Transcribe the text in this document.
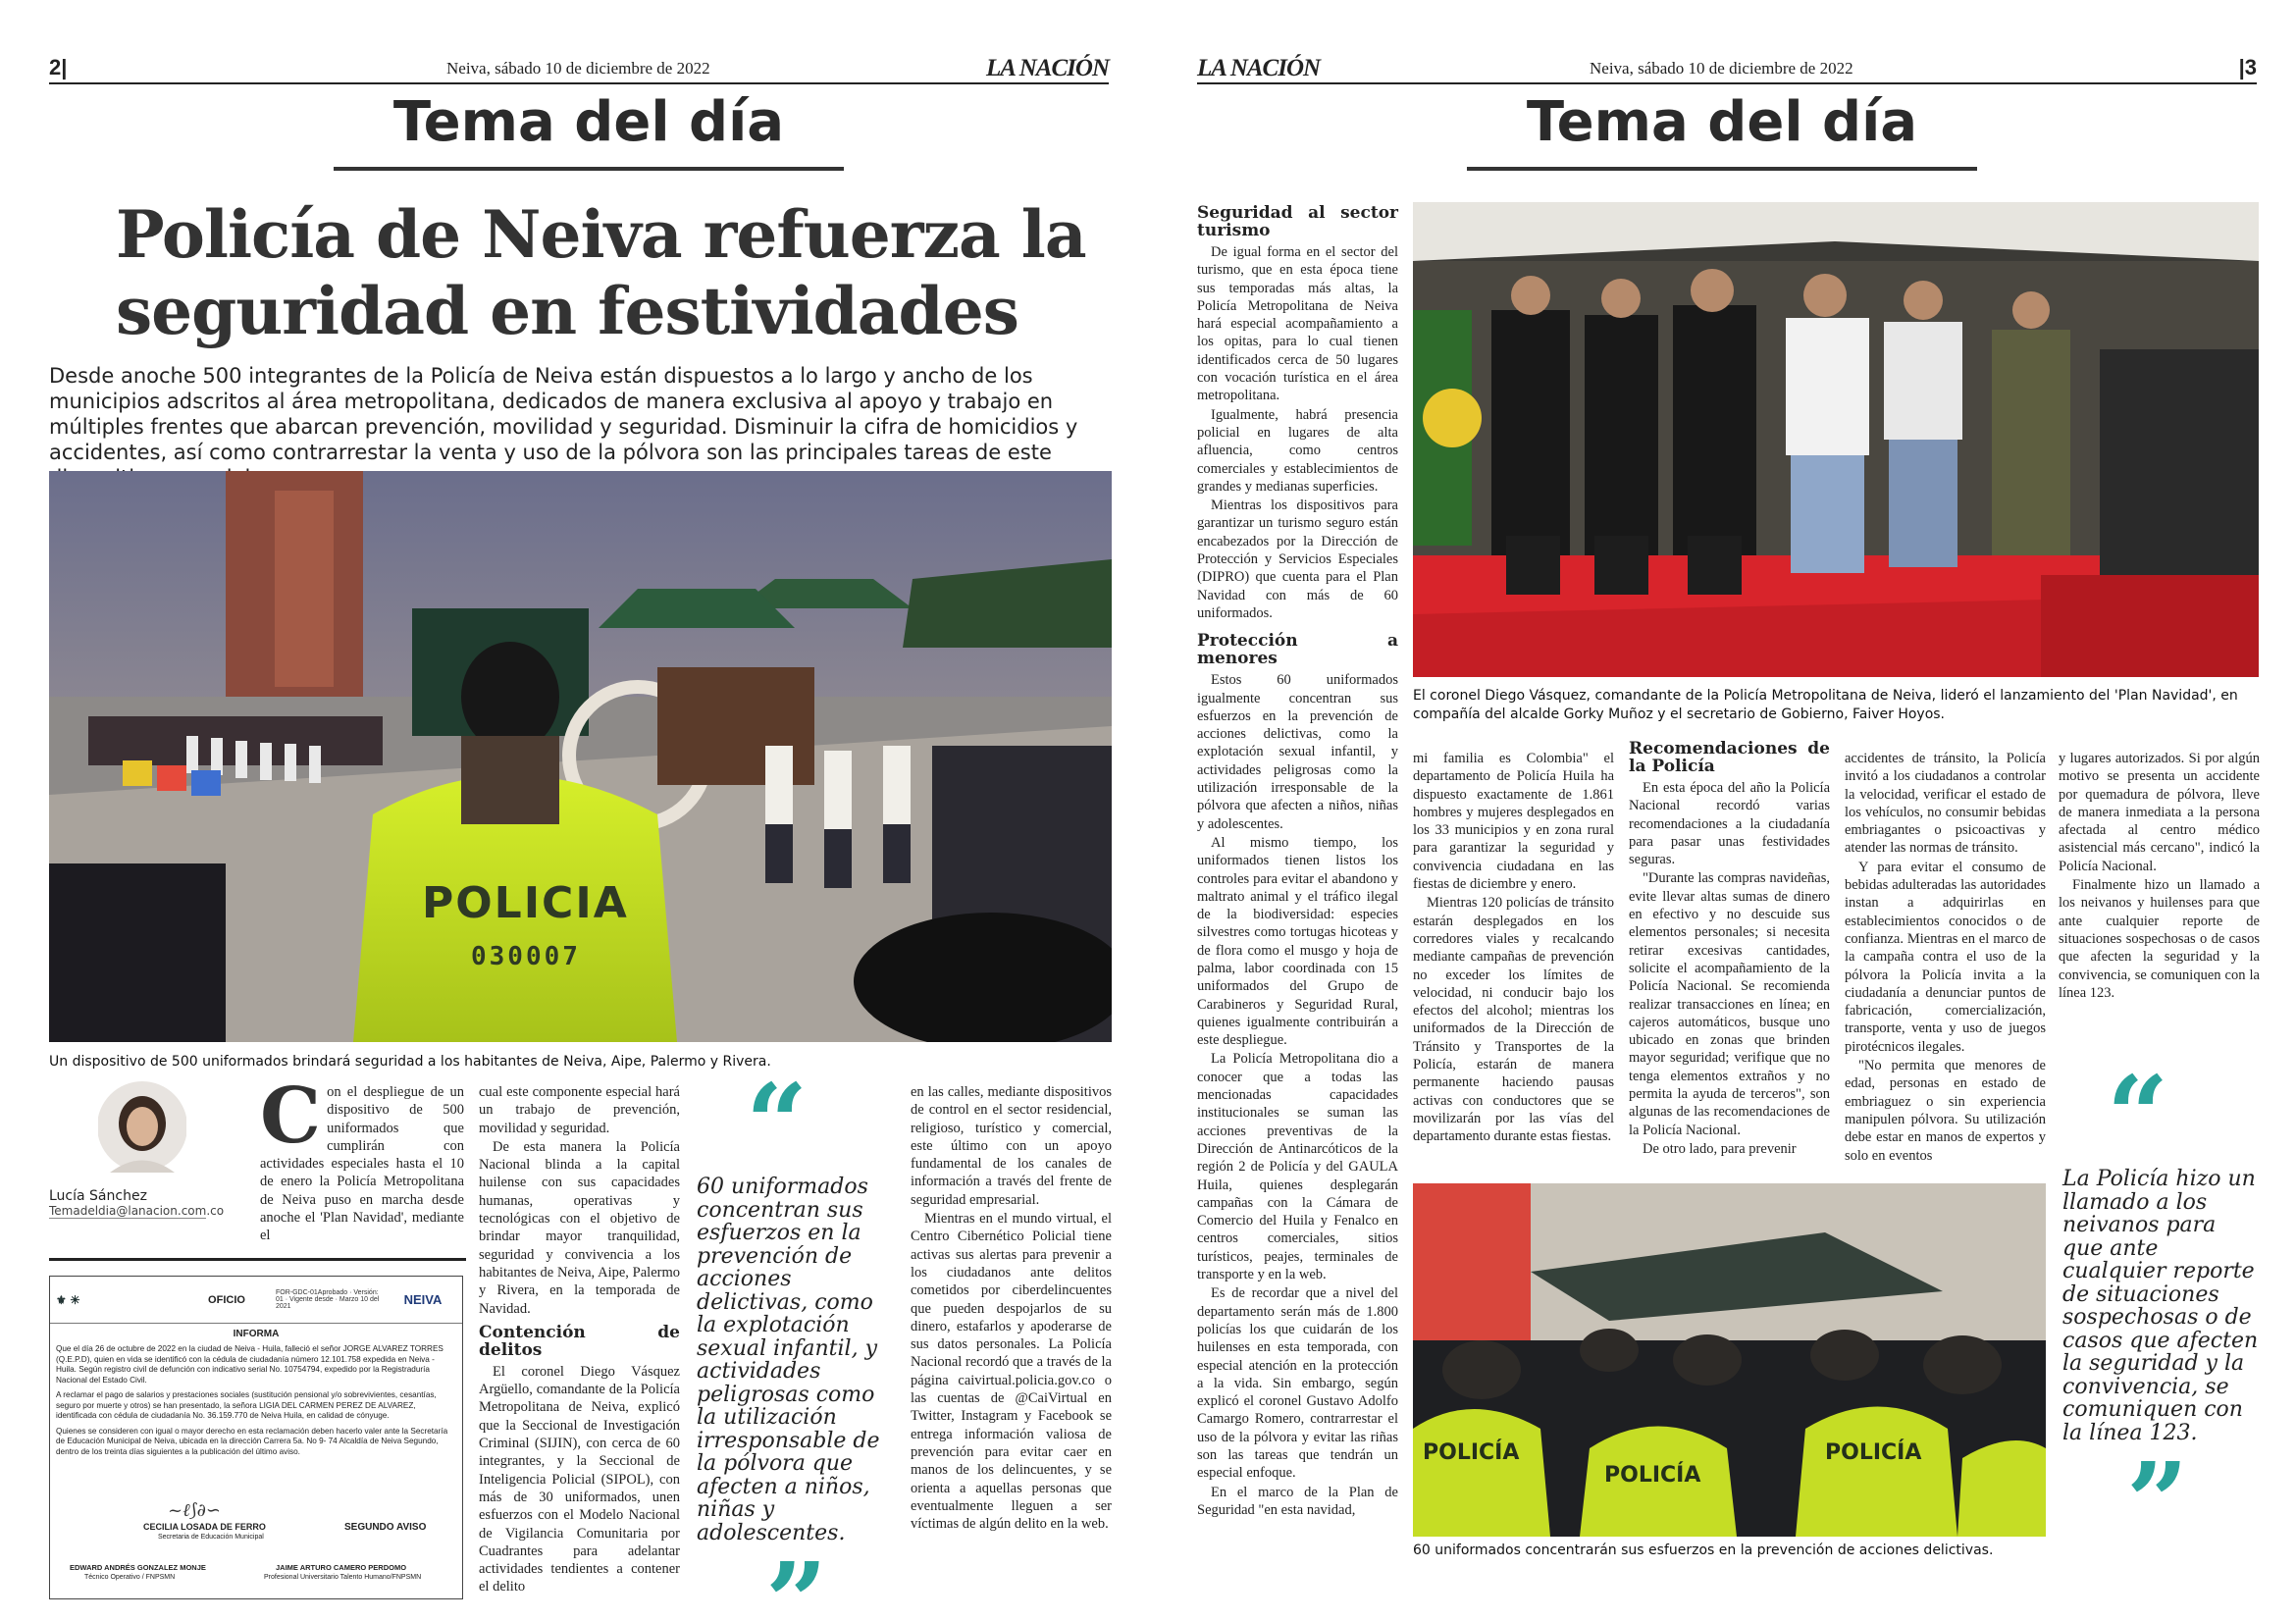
2|	Neiva, sábado 10 de diciembre de 2022	LA NACIÓN
Tema del día
Policía de Neiva refuerza la seguridad en festividades
Desde anoche 500 integrantes de la Policía de Neiva están dispuestos a lo largo y ancho de los municipios adscritos al área metropolitana, dedicados de manera exclusiva al apoyo y trabajo en múltiples frentes que abarcan prevención, movilidad y seguridad. Disminuir la cifra de homicidios y accidentes, así como contrarrestar la venta y uso de la pólvora son las principales tareas de este
POLICIA
030007
Un dispositivo de 500 uniformados brindará seguridad a los habitantes de Neiva, Aipe, Palermo y Rivera.
Lucía Sánchez
Temadeldia@lanacion.com.co
C on el despliegue de un dispositivo de 500 uniformados que cumplirán con actividades especiales hasta el 10 de enero la Policía Metropolitana de Neiva puso en marcha desde anoche el 'Plan Navidad', mediante el
⚜ ☀	OFICIO
FOR-GDC-01Aprobado · Versión: 01 · Vigente desde · Marzo 10 del 2021	NEIVA
INFORMA

Que el día 26 de octubre de 2022 en la ciudad de Neiva - Huila, falleció el señor JORGE ALVAREZ TORRES (Q.E.P.D), quien en vida se identificó con la cédula de ciudadanía número 12.101.758 expedida en Neiva - Huila. Según registro civil de defunción con indicativo serial No. 10754794, expedido por la Registraduría Nacional del Estado Civil.

A reclamar el pago de salarios y prestaciones sociales (sustitución pensional y/o sobrevivientes, cesantías, seguro por muerte y otros) se han presentado, la señora LIGIA DEL CARMEN PEREZ DE ALVAREZ, identificada con cédula de ciudadanía No. 36.159.770 de Neiva Huila, en calidad de cónyuge.

Quienes se consideren con igual o mayor derecho en esta reclamación deben hacerlo valer ante la Secretaría de Educación Municipal de Neiva, ubicada en la dirección Carrera 5a. No 9- 74 Alcaldía de Neiva Segundo, dentro de los treinta días siguientes a la publicación del último aviso.

~ℓ⟆∂∽
CECILIA LOSADA DE FERRO
Secretaria de Educación Municipal
SEGUNDO AVISO
EDWARD ANDRÉS GONZALEZ MONJE
Técnico Operativo / FNPSMN
JAIME ARTURO CAMERO PERDOMO
Profesional Universitario Talento Humano/FNPSMN

cual este componente especial hará un trabajo de prevención, movilidad y seguridad.

De esta manera la Policía Nacional blinda a la capital huilense con sus capacidades humanas, operativas y tecnológicas con el objetivo de brindar mayor tranquilidad, seguridad y convivencia a los habitantes de Neiva, Aipe, Palermo y Rivera, en la temporada de Navidad.

Contención de delitos

El coronel Diego Vásquez Argüello, comandante de la Policía Metropolitana de Neiva, explicó que la Seccional de Investigación Criminal (SIJIN), con cerca de 60 integrantes, y la Seccional de Inteligencia Policial (SIPOL), con más de 30 uniformados, unen esfuerzos con el Modelo Nacional de Vigilancia Comunitaria por Cuadrantes para adelantar actividades tendientes a contener el delito

“
60 uniformados concentran sus esfuerzos en la prevención de acciones delictivas, como la explotación sexual infantil, y actividades peligrosas como la utilización irresponsable de la pólvora que afecten a niños, niñas y adolescentes.
”

en las calles, mediante dispositivos de control en el sector residencial, religioso, turístico y comercial, este último con un apoyo fundamental de los canales de información a través del frente de seguridad empresarial.

Mientras en el mundo virtual, el Centro Cibernético Policial tiene activas sus alertas para prevenir a los ciudadanos ante delitos cometidos por ciberdelincuentes que pueden despojarlos de su dinero, estafarlos y apoderarse de sus datos personales. La Policía Nacional recordó que a través de la página caivirtual.policia.gov.co o las cuentas de @CaiVirtual en Twitter, Instagram y Facebook se entrega información valiosa de prevención para evitar caer en manos de los delincuentes, y se orienta a aquellas personas que eventualmente lleguen a ser víctimas de algún delito en la web.

LA NACIÓN	Neiva, sábado 10 de diciembre de 2022	|3
Tema del día
Seguridad al sector turismo

De igual forma en el sector del turismo, que en esta época tiene sus temporadas más altas, la Policía Metropolitana de Neiva hará especial acompañamiento a los opitas, para lo cual tienen identificados cerca de 50 lugares con vocación turística en el área metropolitana.

Igualmente, habrá presencia policial en lugares de alta afluencia, como centros comerciales y establecimientos de grandes y medianas superficies.

Mientras los dispositivos para garantizar un turismo seguro están encabezados por la Dirección de Protección y Servicios Especiales (DIPRO) que cuenta para el Plan Navidad con más de 60 uniformados.

Protección a menores

Estos 60 uniformados igualmente concentran sus esfuerzos en la prevención de acciones delictivas, como la explotación sexual infantil, y actividades peligrosas como la utilización irresponsable de la pólvora que afecten a niños, niñas y adolescentes.

Al mismo tiempo, los uniformados tienen listos los controles para evitar el abandono y maltrato animal y el tráfico ilegal de la biodiversidad: especies silvestres como tortugas hicoteas y de flora como el musgo y hoja de palma, labor coordinada con 15 uniformados del Grupo de Carabineros y Seguridad Rural, quienes igualmente contribuirán a este despliegue.

La Policía Metropolitana dio a conocer que a todas las mencionadas capacidades institucionales se suman las acciones preventivas de la Dirección de Antinarcóticos de la región 2 de Policía y del GAULA Huila, quienes desplegarán campañas con la Cámara de Comercio del Huila y Fenalco en centros comerciales, sitios turísticos, peajes, terminales de transporte y en la web.

Es de recordar que a nivel del departamento serán más de 1.800 policías los que cuidarán de los huilenses en esta temporada, con especial atención en la protección a la vida. Sin embargo, según explicó el coronel Gustavo Adolfo Camargo Romero, contrarrestar el uso de la pólvora y evitar las riñas son las tareas que tendrán un especial enfoque.

En el marco de la Plan de Seguridad "en esta navidad,

El coronel Diego Vásquez, comandante de la Policía Metropolitana de Neiva, lideró el lanzamiento del 'Plan Navidad', en compañía del alcalde Gorky Muñoz y el secretario de Gobierno, Faiver Hoyos.

mi familia es Colombia" el departamento de Policía Huila ha dispuesto exactamente de 1.861 hombres y mujeres desplegados en los 33 municipios y en zona rural para garantizar la seguridad y convivencia ciudadana en las fiestas de diciembre y enero.

Mientras 120 policías de tránsito estarán desplegados en los corredores viales y recalcando mediante campañas de prevención no exceder los límites de velocidad, ni conducir bajo los efectos del alcohol; mientras los uniformados de la Dirección de Tránsito y Transportes de la Policía, estarán de manera permanente haciendo pausas activas con conductores que se movilizarán por las vías del departamento durante estas fiestas.

Recomendaciones de la Policía

En esta época del año la Policía Nacional recordó varias recomendaciones a la ciudadanía para pasar unas festividades seguras.

"Durante las compras navideñas, evite llevar altas sumas de dinero en efectivo y no descuide sus elementos personales; si necesita retirar excesivas cantidades, solicite el acompañamiento de la Policía Nacional. Se recomienda realizar transacciones en línea; en cajeros automáticos, busque uno ubicado en zonas que brinden mayor seguridad; verifique que no tenga elementos extraños y no permita la ayuda de terceros", son algunas de las recomendaciones de la Policía Nacional.

De otro lado, para prevenir

accidentes de tránsito, la Policía invitó a los ciudadanos a controlar la velocidad, verificar el estado de los vehículos, no consumir bebidas embriagantes o psicoactivas y atender las normas de tránsito.

Y para evitar el consumo de bebidas adulteradas las autoridades instan a adquirirlas en establecimientos conocidos o de confianza. Mientras en el marco de la campaña contra el uso de la pólvora la Policía invita a la ciudadanía a denunciar puntos de fabricación, comercialización, transporte, venta y uso de juegos pirotécnicos ilegales.

"No permita que menores de edad, personas en estado de embriaguez o sin experiencia manipulen pólvora. Su utilización debe estar en manos de expertos y solo en eventos

y lugares autorizados. Si por algún motivo se presenta un accidente por quemadura de pólvora, lleve de manera inmediata a la persona afectada al centro médico asistencial más cercano", indicó la Policía Nacional.

Finalmente hizo un llamado a los neivanos y huilenses para que ante cualquier reporte de situaciones sospechosas o de casos que afecten la seguridad y la convivencia, se comuniquen con la línea 123.

“
La Policía hizo un llamado a los neivanos para que ante cualquier reporte de situaciones sospechosas o de casos que afecten la seguridad y la convivencia, se comuniquen con la línea 123.
”
POLICÍA
POLICÍA
POLICÍA
60 uniformados concentrarán sus esfuerzos en la prevención de acciones delictivas.
